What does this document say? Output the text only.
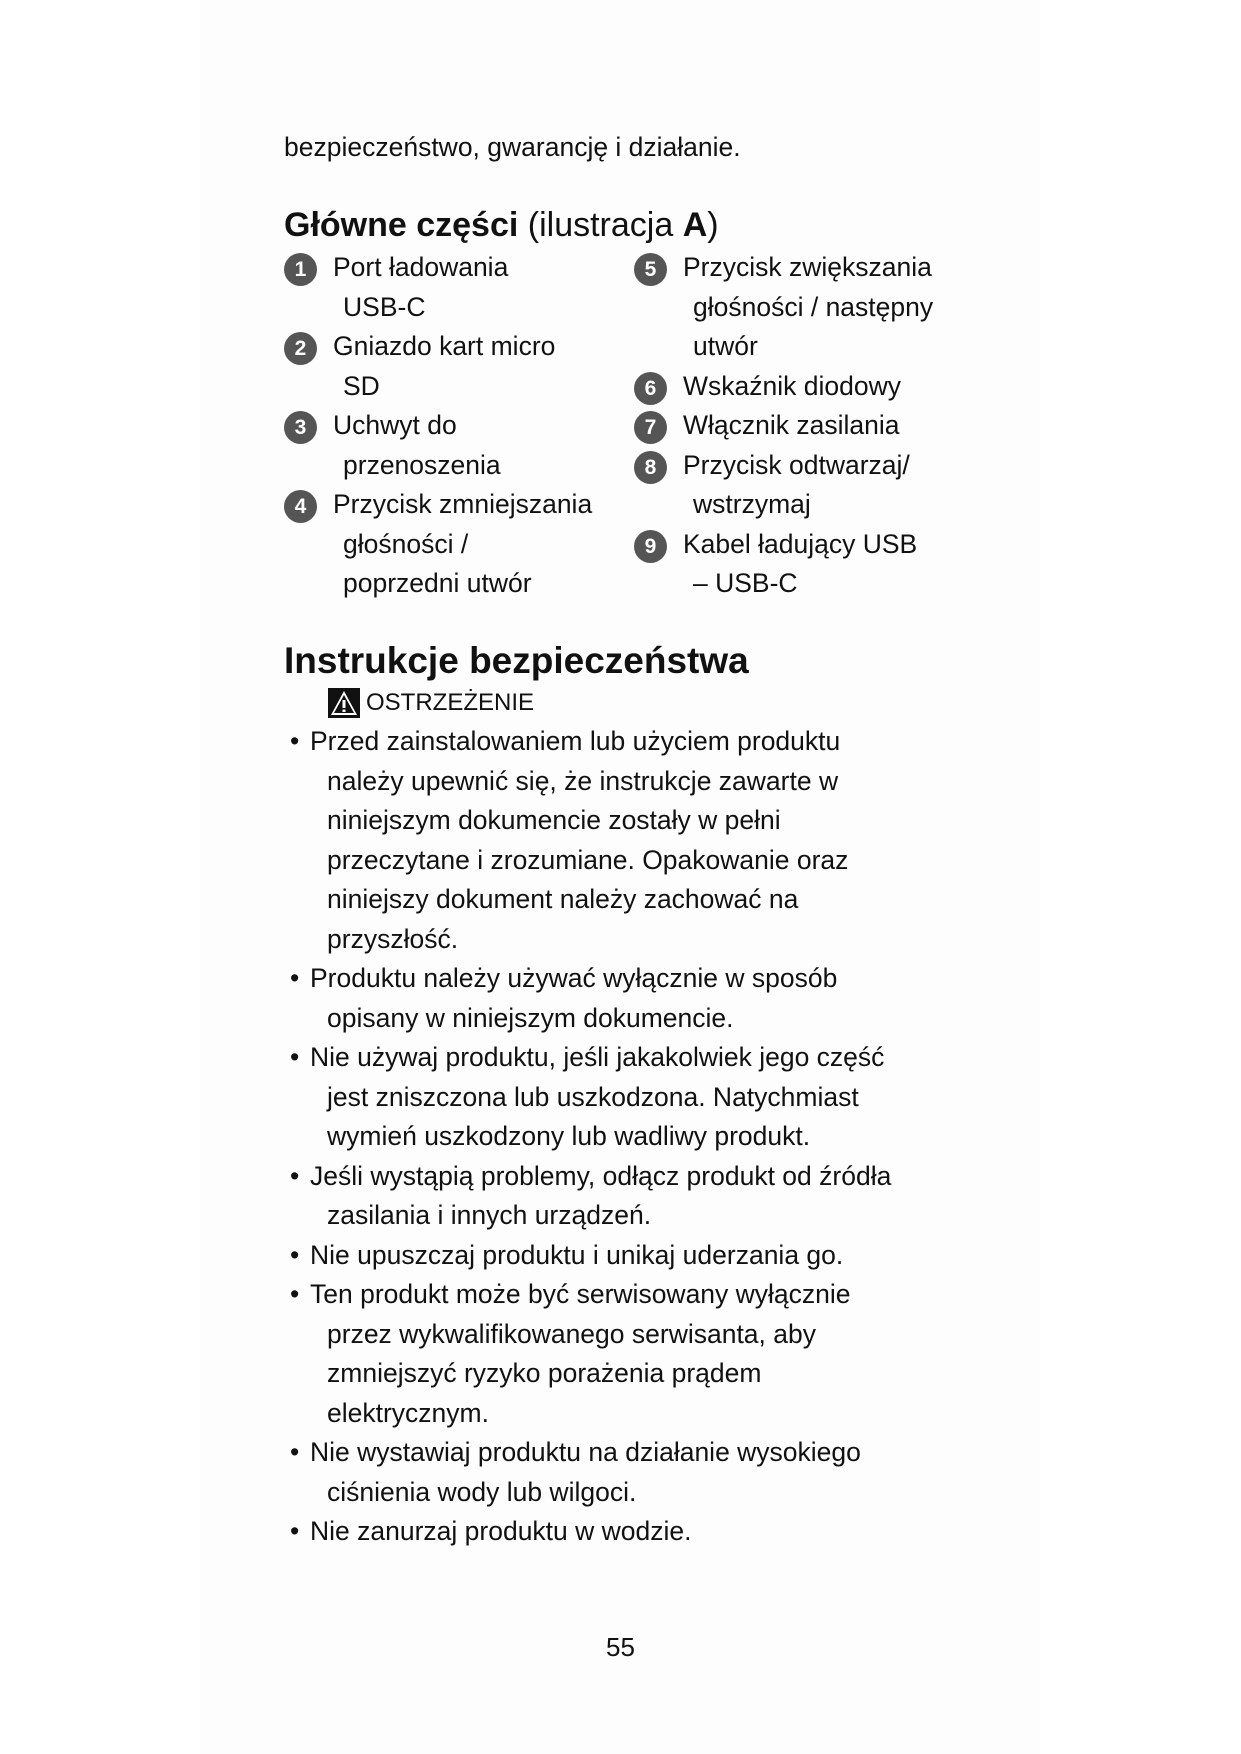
bezpieczeństwo, gwarancję i działanie.
Główne części (ilustracja A)
1	Port ładowania
USB-C
2	Gniazdo kart micro
SD
3	Uchwyt do
przenoszenia
4	Przycisk zmniejszania
głośności /
poprzedni utwór
5	Przycisk zwiększania
głośności / następny
utwór
6	Wskaźnik diodowy
7	Włącznik zasilania
8	Przycisk odtwarzaj/
wstrzymaj
9	Kabel ładujący USB
– USB-C
Instrukcje bezpieczeństwa
OSTRZEŻENIE
• Przed zainstalowaniem lub użyciem produktu
należy upewnić się, że instrukcje zawarte w
niniejszym dokumencie zostały w pełni
przeczytane i zrozumiane. Opakowanie oraz
niniejszy dokument należy zachować na
przyszłość.
• Produktu należy używać wyłącznie w sposób
opisany w niniejszym dokumencie.
• Nie używaj produktu, jeśli jakakolwiek jego część
jest zniszczona lub uszkodzona. Natychmiast
wymień uszkodzony lub wadliwy produkt.
• Jeśli wystąpią problemy, odłącz produkt od źródła
zasilania i innych urządzeń.
• Nie upuszczaj produktu i unikaj uderzania go.
• Ten produkt może być serwisowany wyłącznie
przez wykwalifikowanego serwisanta, aby
zmniejszyć ryzyko porażenia prądem
elektrycznym.
• Nie wystawiaj produktu na działanie wysokiego
ciśnienia wody lub wilgoci.
• Nie zanurzaj produktu w wodzie.
55
